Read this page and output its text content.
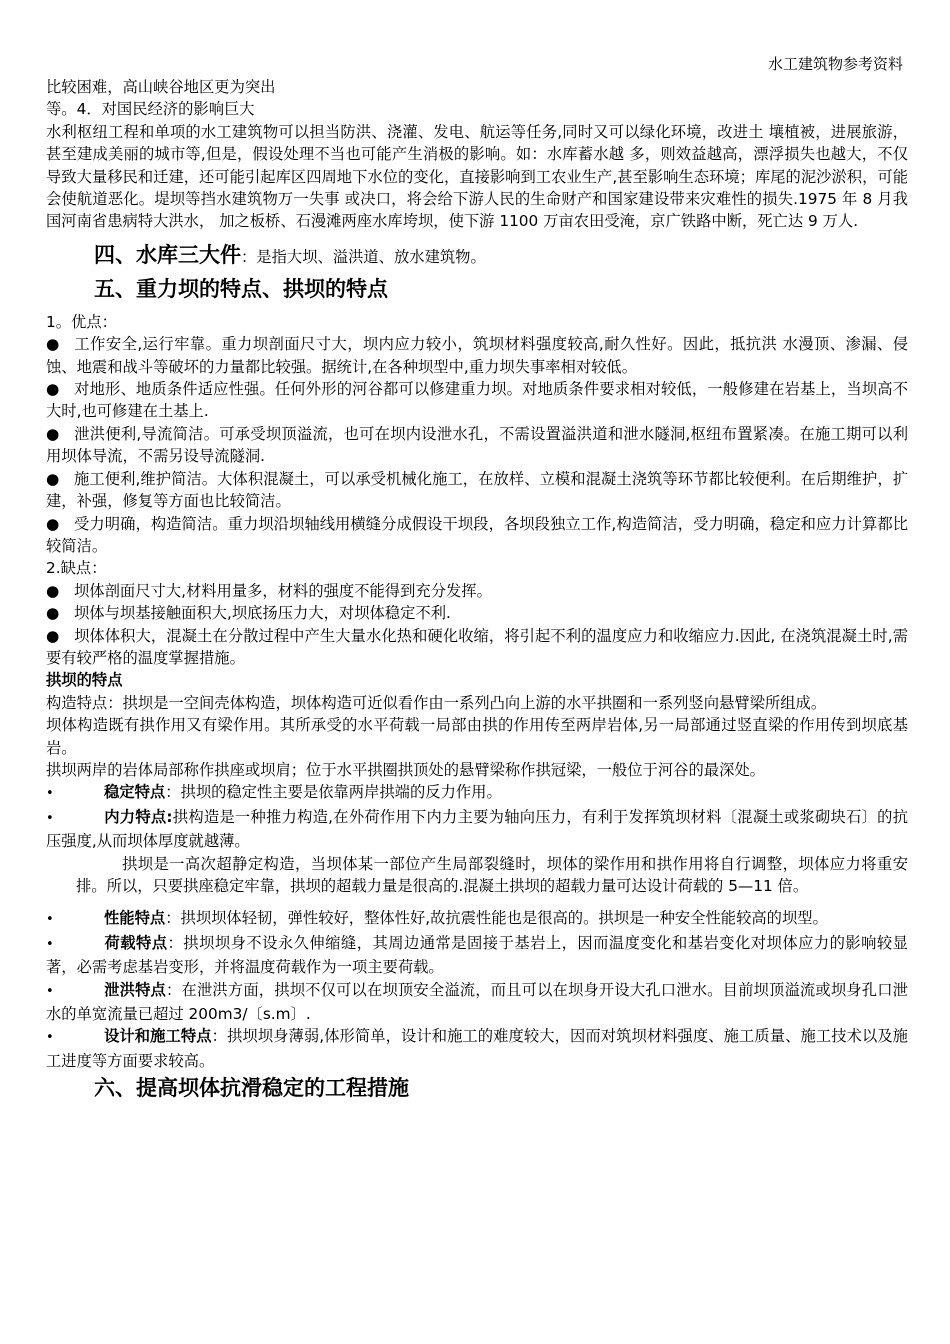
水工建筑物参考资料

比较困难，高山峡谷地区更为突出

等。4．对国民经济的影响巨大

水利枢纽工程和单项的水工建筑物可以担当防洪、浇灌、发电、航运等任务,同时又可以绿化环境，改进土 壤植被，进展旅游，甚至建成美丽的城市等,但是，假设处理不当也可能产生消极的影响。如：水库蓄水越 多，则效益越高，漂浮损失也越大，不仅导致大量移民和迁建，还可能引起库区四周地下水位的变化，直接影响到工农业生产,甚至影响生态环境；库尾的泥沙淤积，可能会使航道恶化。堤坝等挡水建筑物万一失事 或决口，将会给下游人民的生命财产和国家建设带来灾难性的损失.1975 年 8 月我国河南省患病特大洪水， 加之板桥、石漫滩两座水库垮坝，使下游 1100 万亩农田受淹，京广铁路中断，死亡达 9 万人.

四、水库三大件：是指大坝、溢洪道、放水建筑物。

五、重力坝的特点、拱坝的特点

1。优点：

● 工作安全,运行牢靠。重力坝剖面尺寸大，坝内应力较小，筑坝材料强度较高,耐久性好。因此，抵抗洪 水漫顶、渗漏、侵蚀、地震和战斗等破坏的力量都比较强。据统计,在各种坝型中,重力坝失事率相对较低。

● 对地形、地质条件适应性强。任何外形的河谷都可以修建重力坝。对地质条件要求相对较低，一般修建在岩基上，当坝高不大时,也可修建在土基上.

● 泄洪便利,导流简洁。可承受坝顶溢流，也可在坝内设泄水孔，不需设置溢洪道和泄水隧洞,枢纽布置紧凑。在施工期可以利用坝体导流，不需另设导流隧洞.

● 施工便利,维护简洁。大体积混凝土，可以承受机械化施工，在放样、立模和混凝土浇筑等环节都比较便利。在后期维护，扩建，补强，修复等方面也比较简洁。

● 受力明确，构造简洁。重力坝沿坝轴线用横缝分成假设干坝段，各坝段独立工作,构造简洁，受力明确，稳定和应力计算都比较简洁。

2.缺点：

● 坝体剖面尺寸大,材料用量多，材料的强度不能得到充分发挥。

● 坝体与坝基接触面积大,坝底扬压力大，对坝体稳定不利.

● 坝体体积大，混凝土在分散过程中产生大量水化热和硬化收缩，将引起不利的温度应力和收缩应力.因此, 在浇筑混凝土时,需要有较严格的温度掌握措施。

拱坝的特点

构造特点：拱坝是一空间壳体构造，坝体构造可近似看作由一系列凸向上游的水平拱圈和一系列竖向悬臂梁所组成。

坝体构造既有拱作用又有梁作用。其所承受的水平荷载一局部由拱的作用传至两岸岩体,另一局部通过竖直梁的作用传到坝底基岩。

拱坝两岸的岩体局部称作拱座或坝肩；位于水平拱圈拱顶处的悬臂梁称作拱冠梁，一般位于河谷的最深处。

•	稳定特点：拱坝的稳定性主要是依靠两岸拱端的反力作用。

•	内力特点:拱构造是一种推力构造,在外荷作用下内力主要为轴向压力，有利于发挥筑坝材料〔混凝土或浆砌块石〕的抗压强度,从而坝体厚度就越薄。

拱坝是一高次超静定构造，当坝体某一部位产生局部裂缝时，坝体的梁作用和拱作用将自行调整，坝体应力将重安排。所以，只要拱座稳定牢靠，拱坝的超载力量是很高的.混凝土拱坝的超载力量可达设计荷载的 5—11 倍。

•	性能特点：拱坝坝体轻韧，弹性较好，整体性好,故抗震性能也是很高的。拱坝是一种安全性能较高的坝型。

•	荷载特点：拱坝坝身不设永久伸缩缝，其周边通常是固接于基岩上，因而温度变化和基岩变化对坝体应力的影响较显著，必需考虑基岩变形，并将温度荷载作为一项主要荷载。

•	泄洪特点：在泄洪方面，拱坝不仅可以在坝顶安全溢流，而且可以在坝身开设大孔口泄水。目前坝顶溢流或坝身孔口泄水的单宽流量已超过 200m3/〔s.m〕.

•	设计和施工特点：拱坝坝身薄弱,体形简单，设计和施工的难度较大，因而对筑坝材料强度、施工质量、施工技术以及施工进度等方面要求较高。

六、提高坝体抗滑稳定的工程措施
